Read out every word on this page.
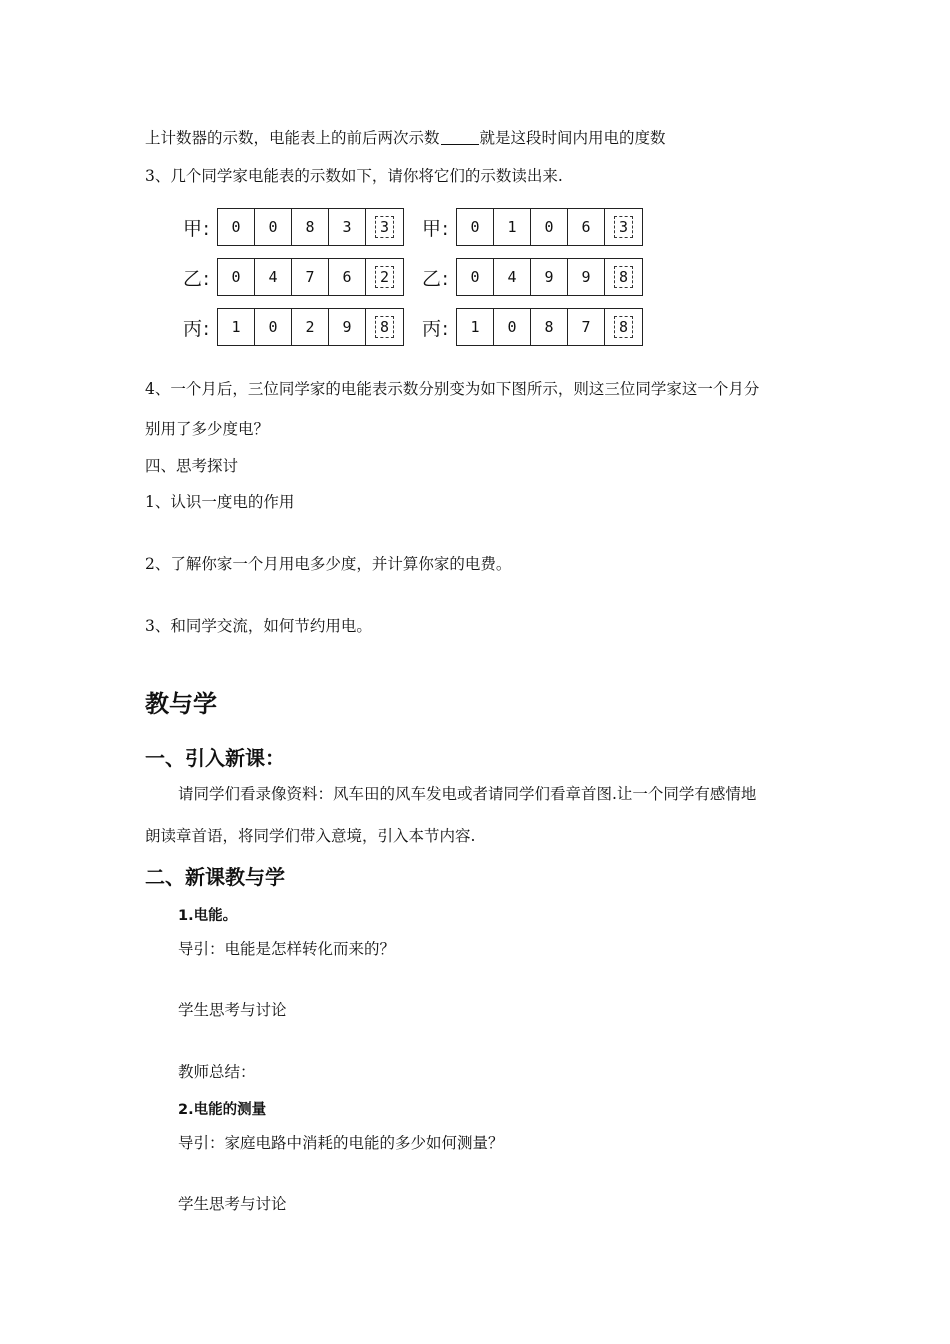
上计数器的示数，电能表上的前后两次示数	就是这段时间内用电的度数
3、几个同学家电能表的示数如下，请你将它们的示数读出来.
甲:	0	0	8	3	3 甲:	0	1	0	6	3
乙:	0	4	7	6	2 乙:	0	4	9	9	8
丙:	1	0	2	9	8 丙:	1	0	8	7	8
4、一个月后，三位同学家的电能表示数分别变为如下图所示，则这三位同学家这一个月分
别用了多少度电？
四、思考探讨
1、认识一度电的作用
2、了解你家一个月用电多少度，并计算你家的电费。
3、和同学交流，如何节约用电。
教与学
一、引入新课：
请同学们看录像资料：风车田的风车发电或者请同学们看章首图.让一个同学有感情地
朗读章首语，将同学们带入意境，引入本节内容.
二、新课教与学
1.电能。
导引：电能是怎样转化而来的？
学生思考与讨论
教师总结：
2.电能的测量
导引：家庭电路中消耗的电能的多少如何测量？
学生思考与讨论
